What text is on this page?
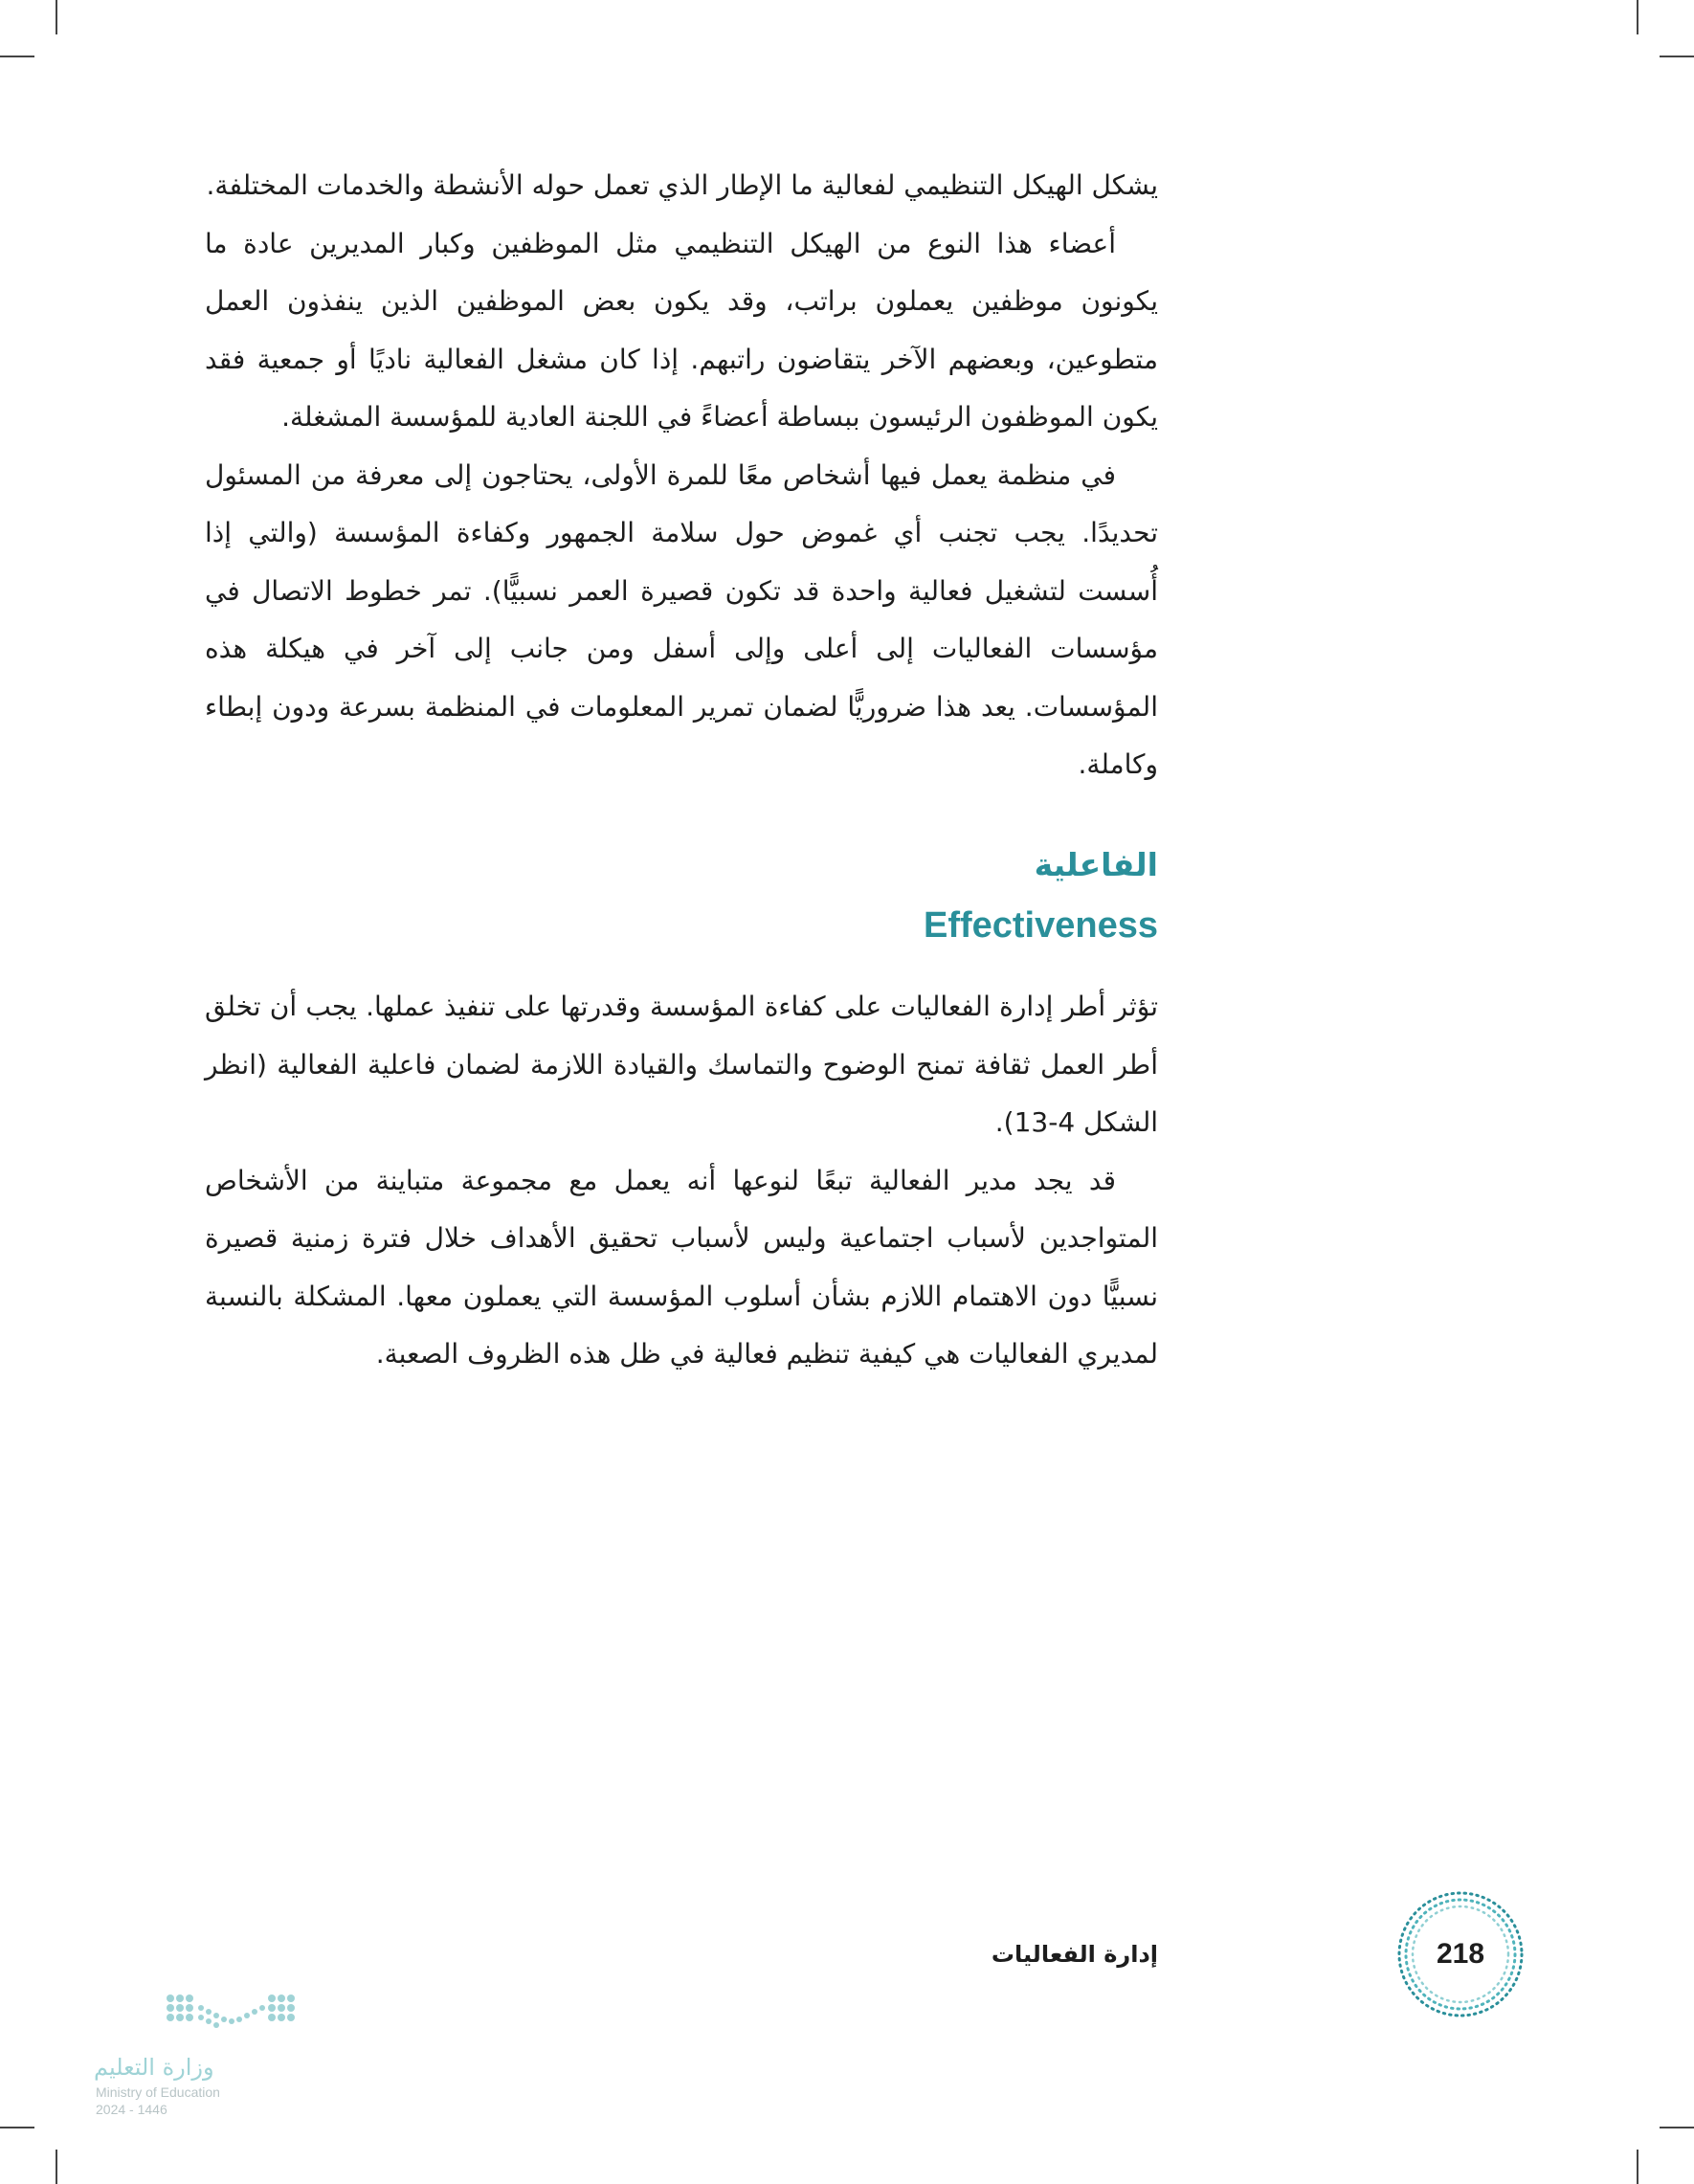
يشكل الهيكل التنظيمي لفعالية ما الإطار الذي تعمل حوله الأنشطة والخدمات المختلفة.

أعضاء هذا النوع من الهيكل التنظيمي مثل الموظفين وكبار المديرين عادة ما يكونون موظفين يعملون براتب، وقد يكون بعض الموظفين الذين ينفذون العمل متطوعين، وبعضهم الآخر يتقاضون راتبهم. إذا كان مشغل الفعالية ناديًا أو جمعية فقد يكون الموظفون الرئيسون ببساطة أعضاءً في اللجنة العادية للمؤسسة المشغلة.

في منظمة يعمل فيها أشخاص معًا للمرة الأولى، يحتاجون إلى معرفة من المسئول تحديدًا. يجب تجنب أي غموض حول سلامة الجمهور وكفاءة المؤسسة (والتي إذا أُسست لتشغيل فعالية واحدة قد تكون قصيرة العمر نسبيًّا). تمر خطوط الاتصال في مؤسسات الفعاليات إلى أعلى وإلى أسفل ومن جانب إلى آخر في هيكلة هذه المؤسسات. يعد هذا ضروريًّا لضمان تمرير المعلومات في المنظمة بسرعة ودون إبطاء وكاملة.

الفاعلية
Effectiveness

تؤثر أطر إدارة الفعاليات على كفاءة المؤسسة وقدرتها على تنفيذ عملها. يجب أن تخلق أطر العمل ثقافة تمنح الوضوح والتماسك والقيادة اللازمة لضمان فاعلية الفعالية (انظر الشكل 4-13).

قد يجد مدير الفعالية تبعًا لنوعها أنه يعمل مع مجموعة متباينة من الأشخاص المتواجدين لأسباب اجتماعية وليس لأسباب تحقيق الأهداف خلال فترة زمنية قصيرة نسبيًّا دون الاهتمام اللازم بشأن أسلوب المؤسسة التي يعملون معها. المشكلة بالنسبة لمديري الفعاليات هي كيفية تنظيم فعالية في ظل هذه الظروف الصعبة.

إدارة الفعاليات	218
وزارة التعليم
Ministry of Education
2024 - 1446
